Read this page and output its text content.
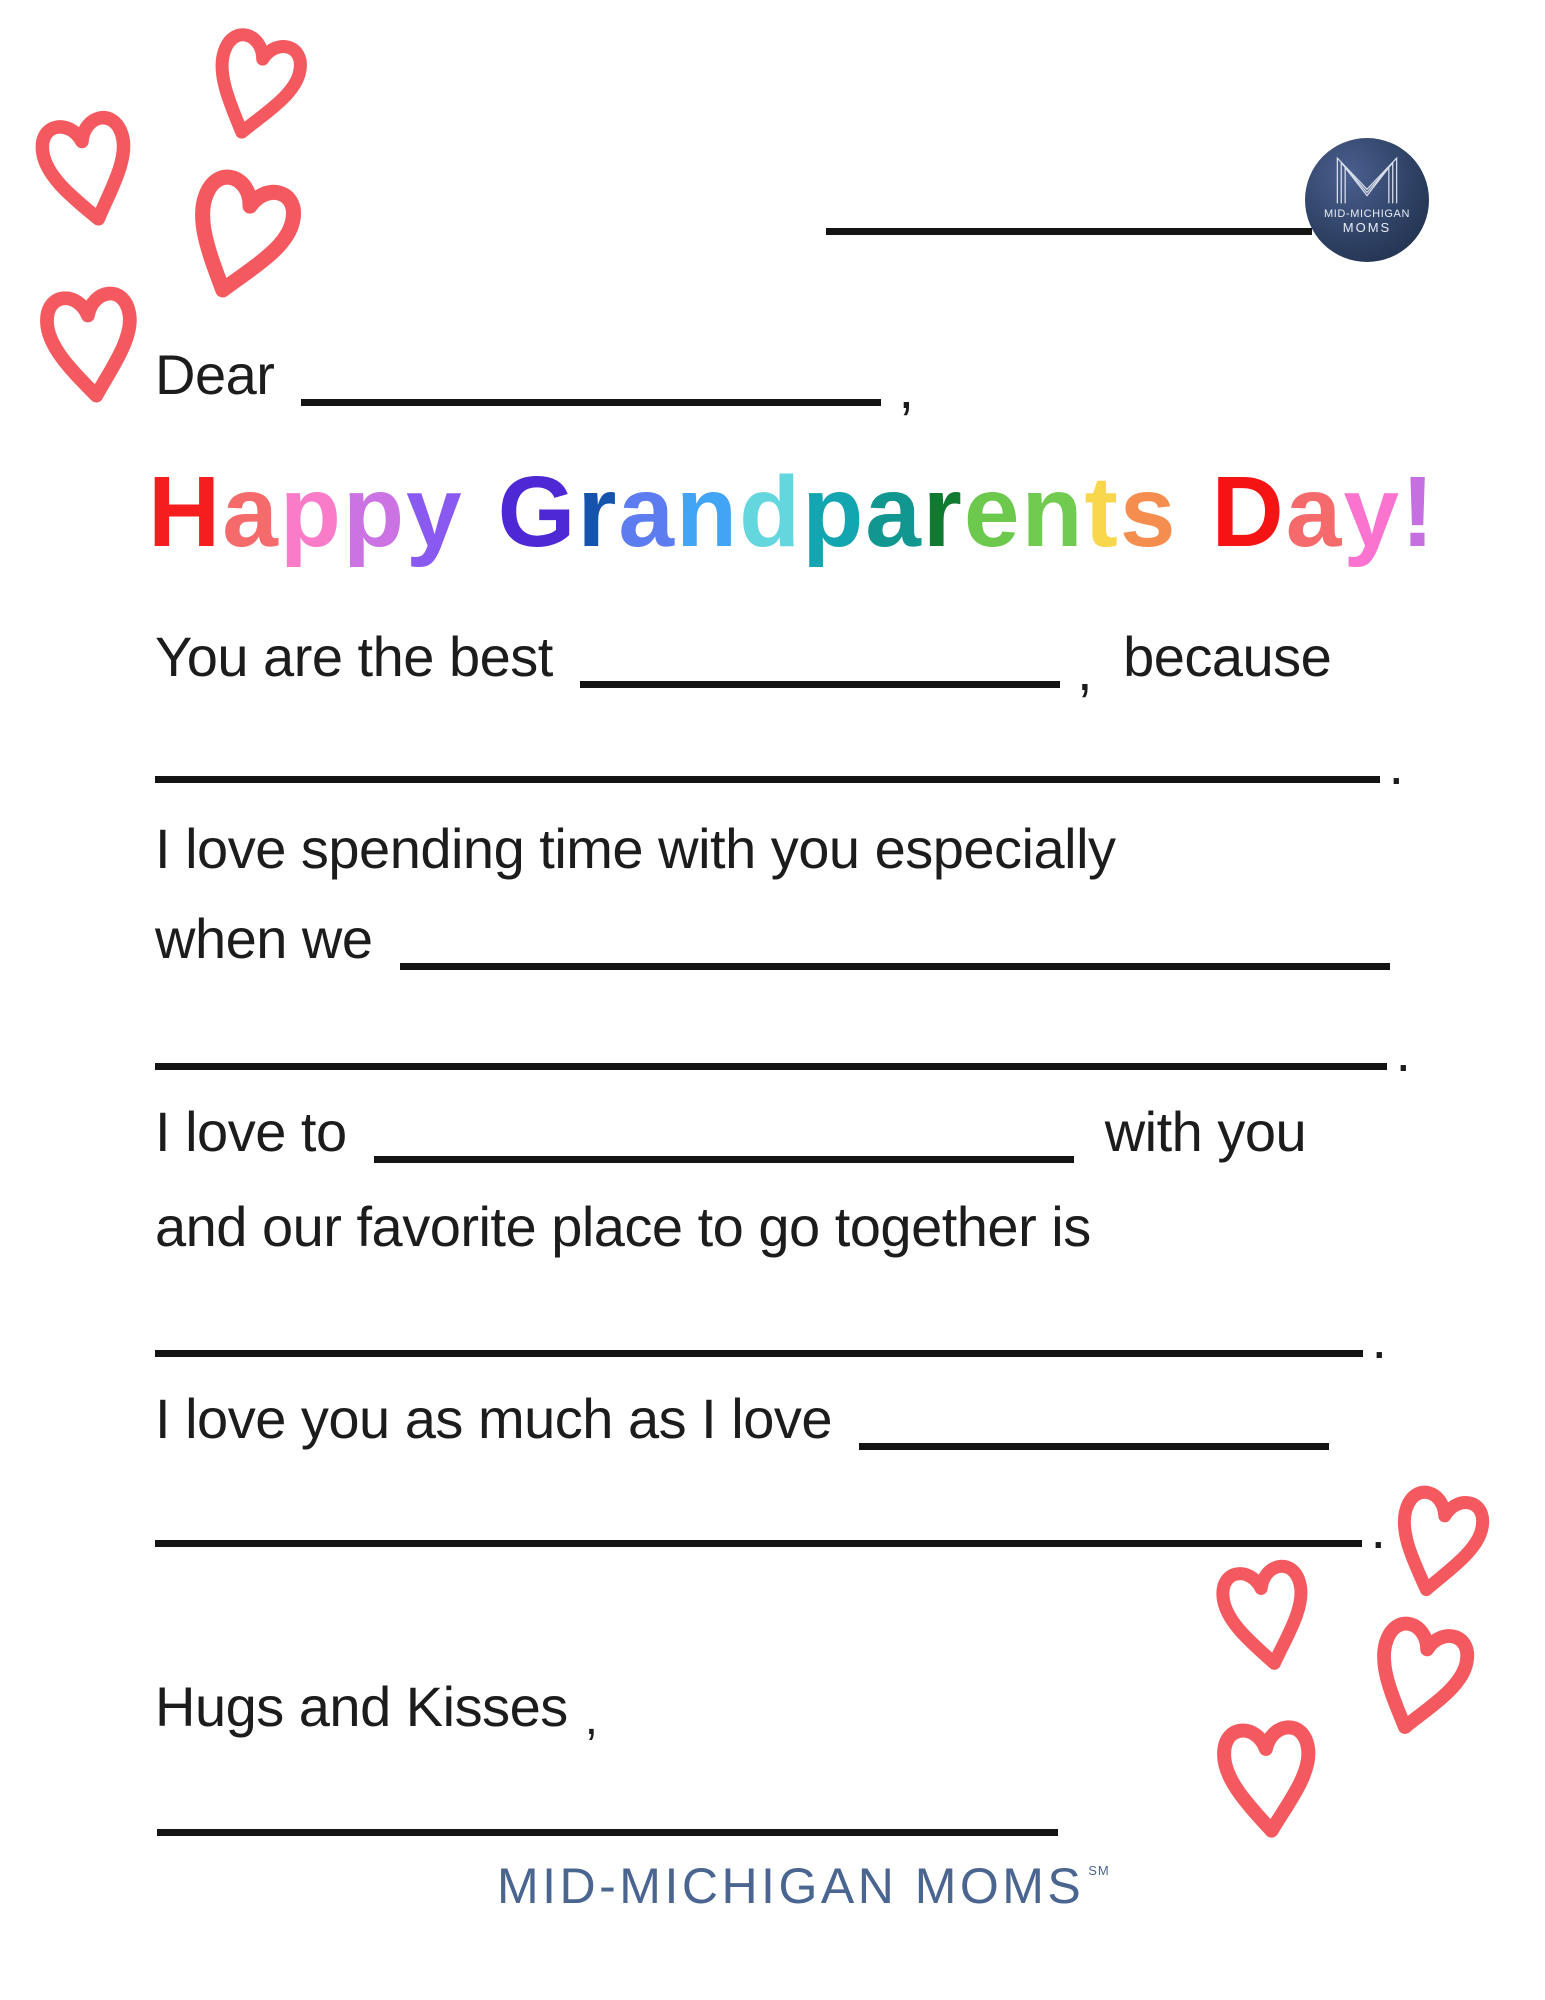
MID-MICHIGAN
MOMS
Dear	,
Happy Grandparents Day!
You are the best	, because
.
I love spending time with you especially
when we
.
I love to	with you
and our favorite place to go together is
.
I love you as much as I love
.
Hugs and Kisses ,
MID-MICHIGAN MOMS ℠
